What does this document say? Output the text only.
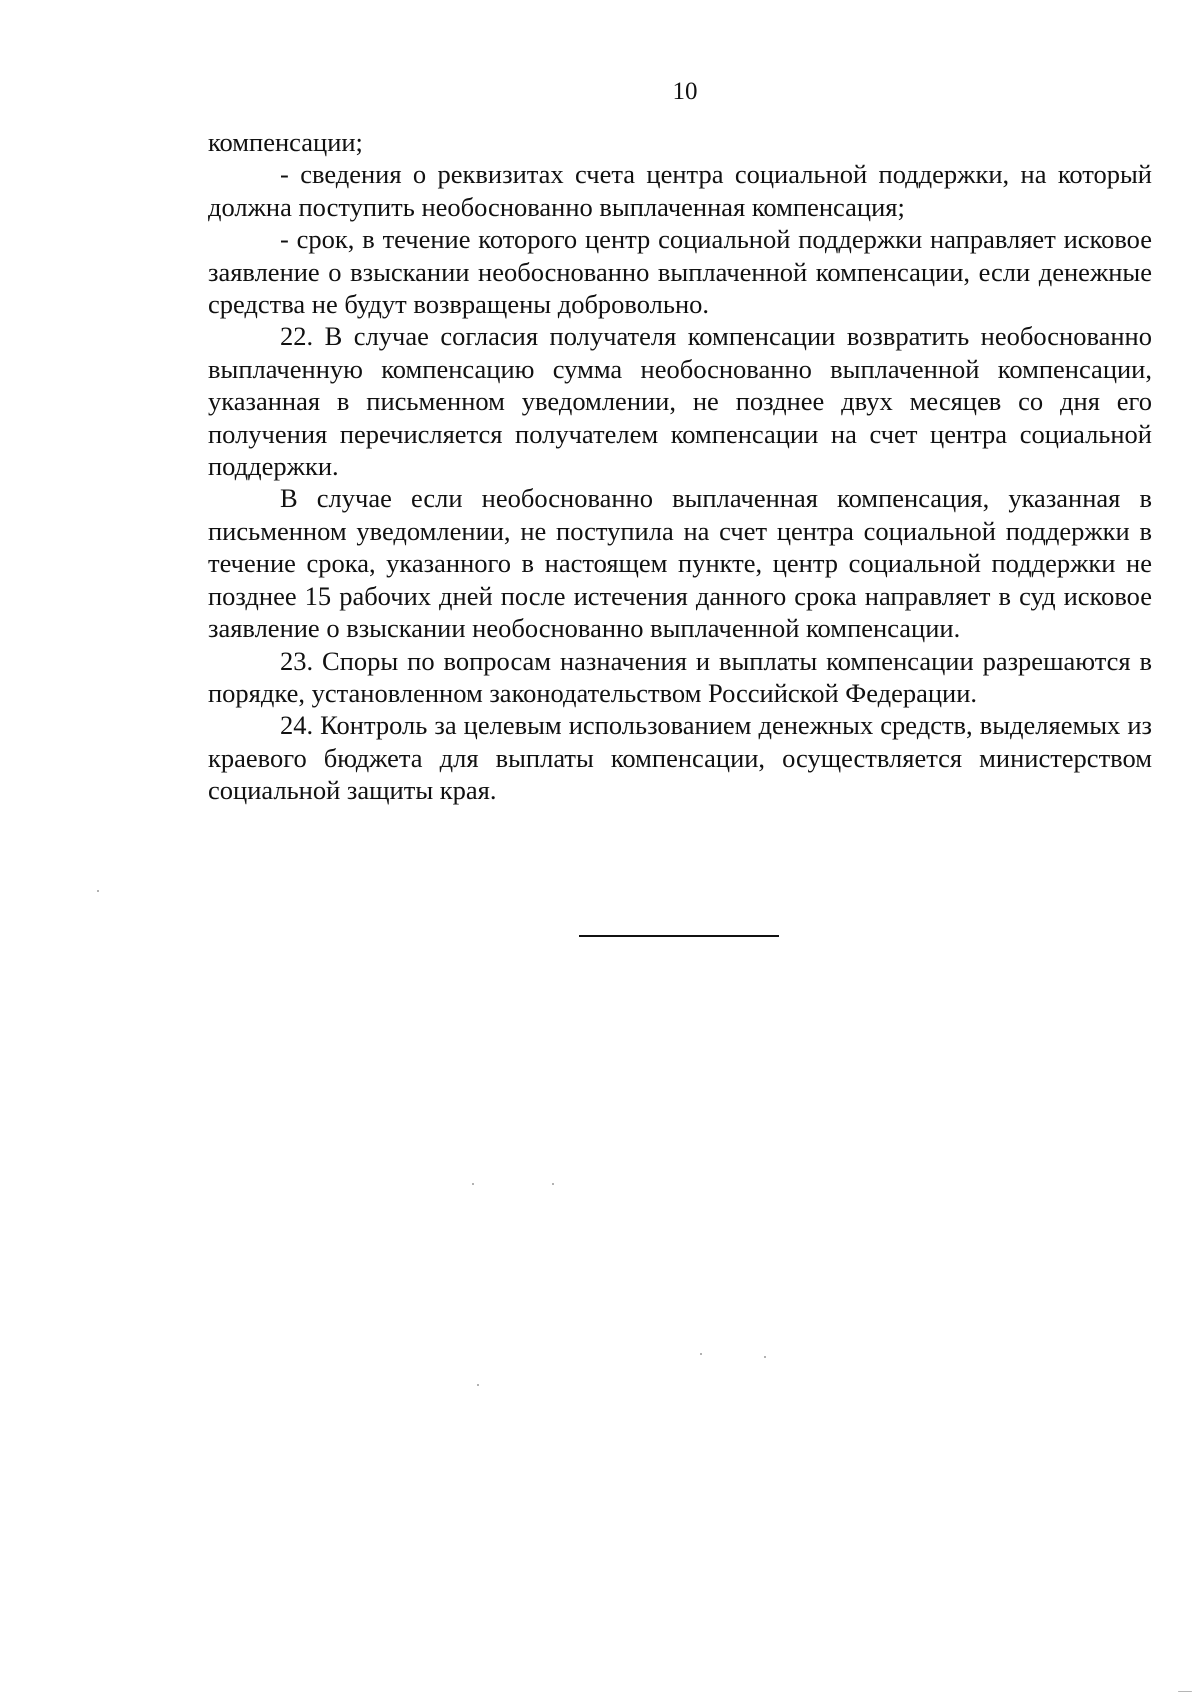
10

компенсации;

- сведения о реквизитах счета центра социальной поддержки, на который должна поступить необоснованно выплаченная компенсация;

- срок, в течение которого центр социальной поддержки направляет исковое заявление о взыскании необоснованно выплаченной компенсации, если денежные средства не будут возвращены добровольно.

22. В случае согласия получателя компенсации возвратить необоснованно выплаченную компенсацию сумма необоснованно выплаченной компенсации, указанная в письменном уведомлении, не позднее двух месяцев со дня его получения перечисляется получателем компенсации на счет центра социальной поддержки.

В случае если необоснованно выплаченная компенсация, указанная в письменном уведомлении, не поступила на счет центра социальной поддержки в течение срока, указанного в настоящем пункте, центр социальной поддержки не позднее 15 рабочих дней после истечения данного срока направляет в суд исковое заявление о взыскании необоснованно выплаченной компенсации.

23. Споры по вопросам назначения и выплаты компенсации разрешаются в порядке, установленном законодательством Российской Федерации.

24. Контроль за целевым использованием денежных средств, выделяемых из краевого бюджета для выплаты компенсации, осуществляется министерством социальной защиты края.
